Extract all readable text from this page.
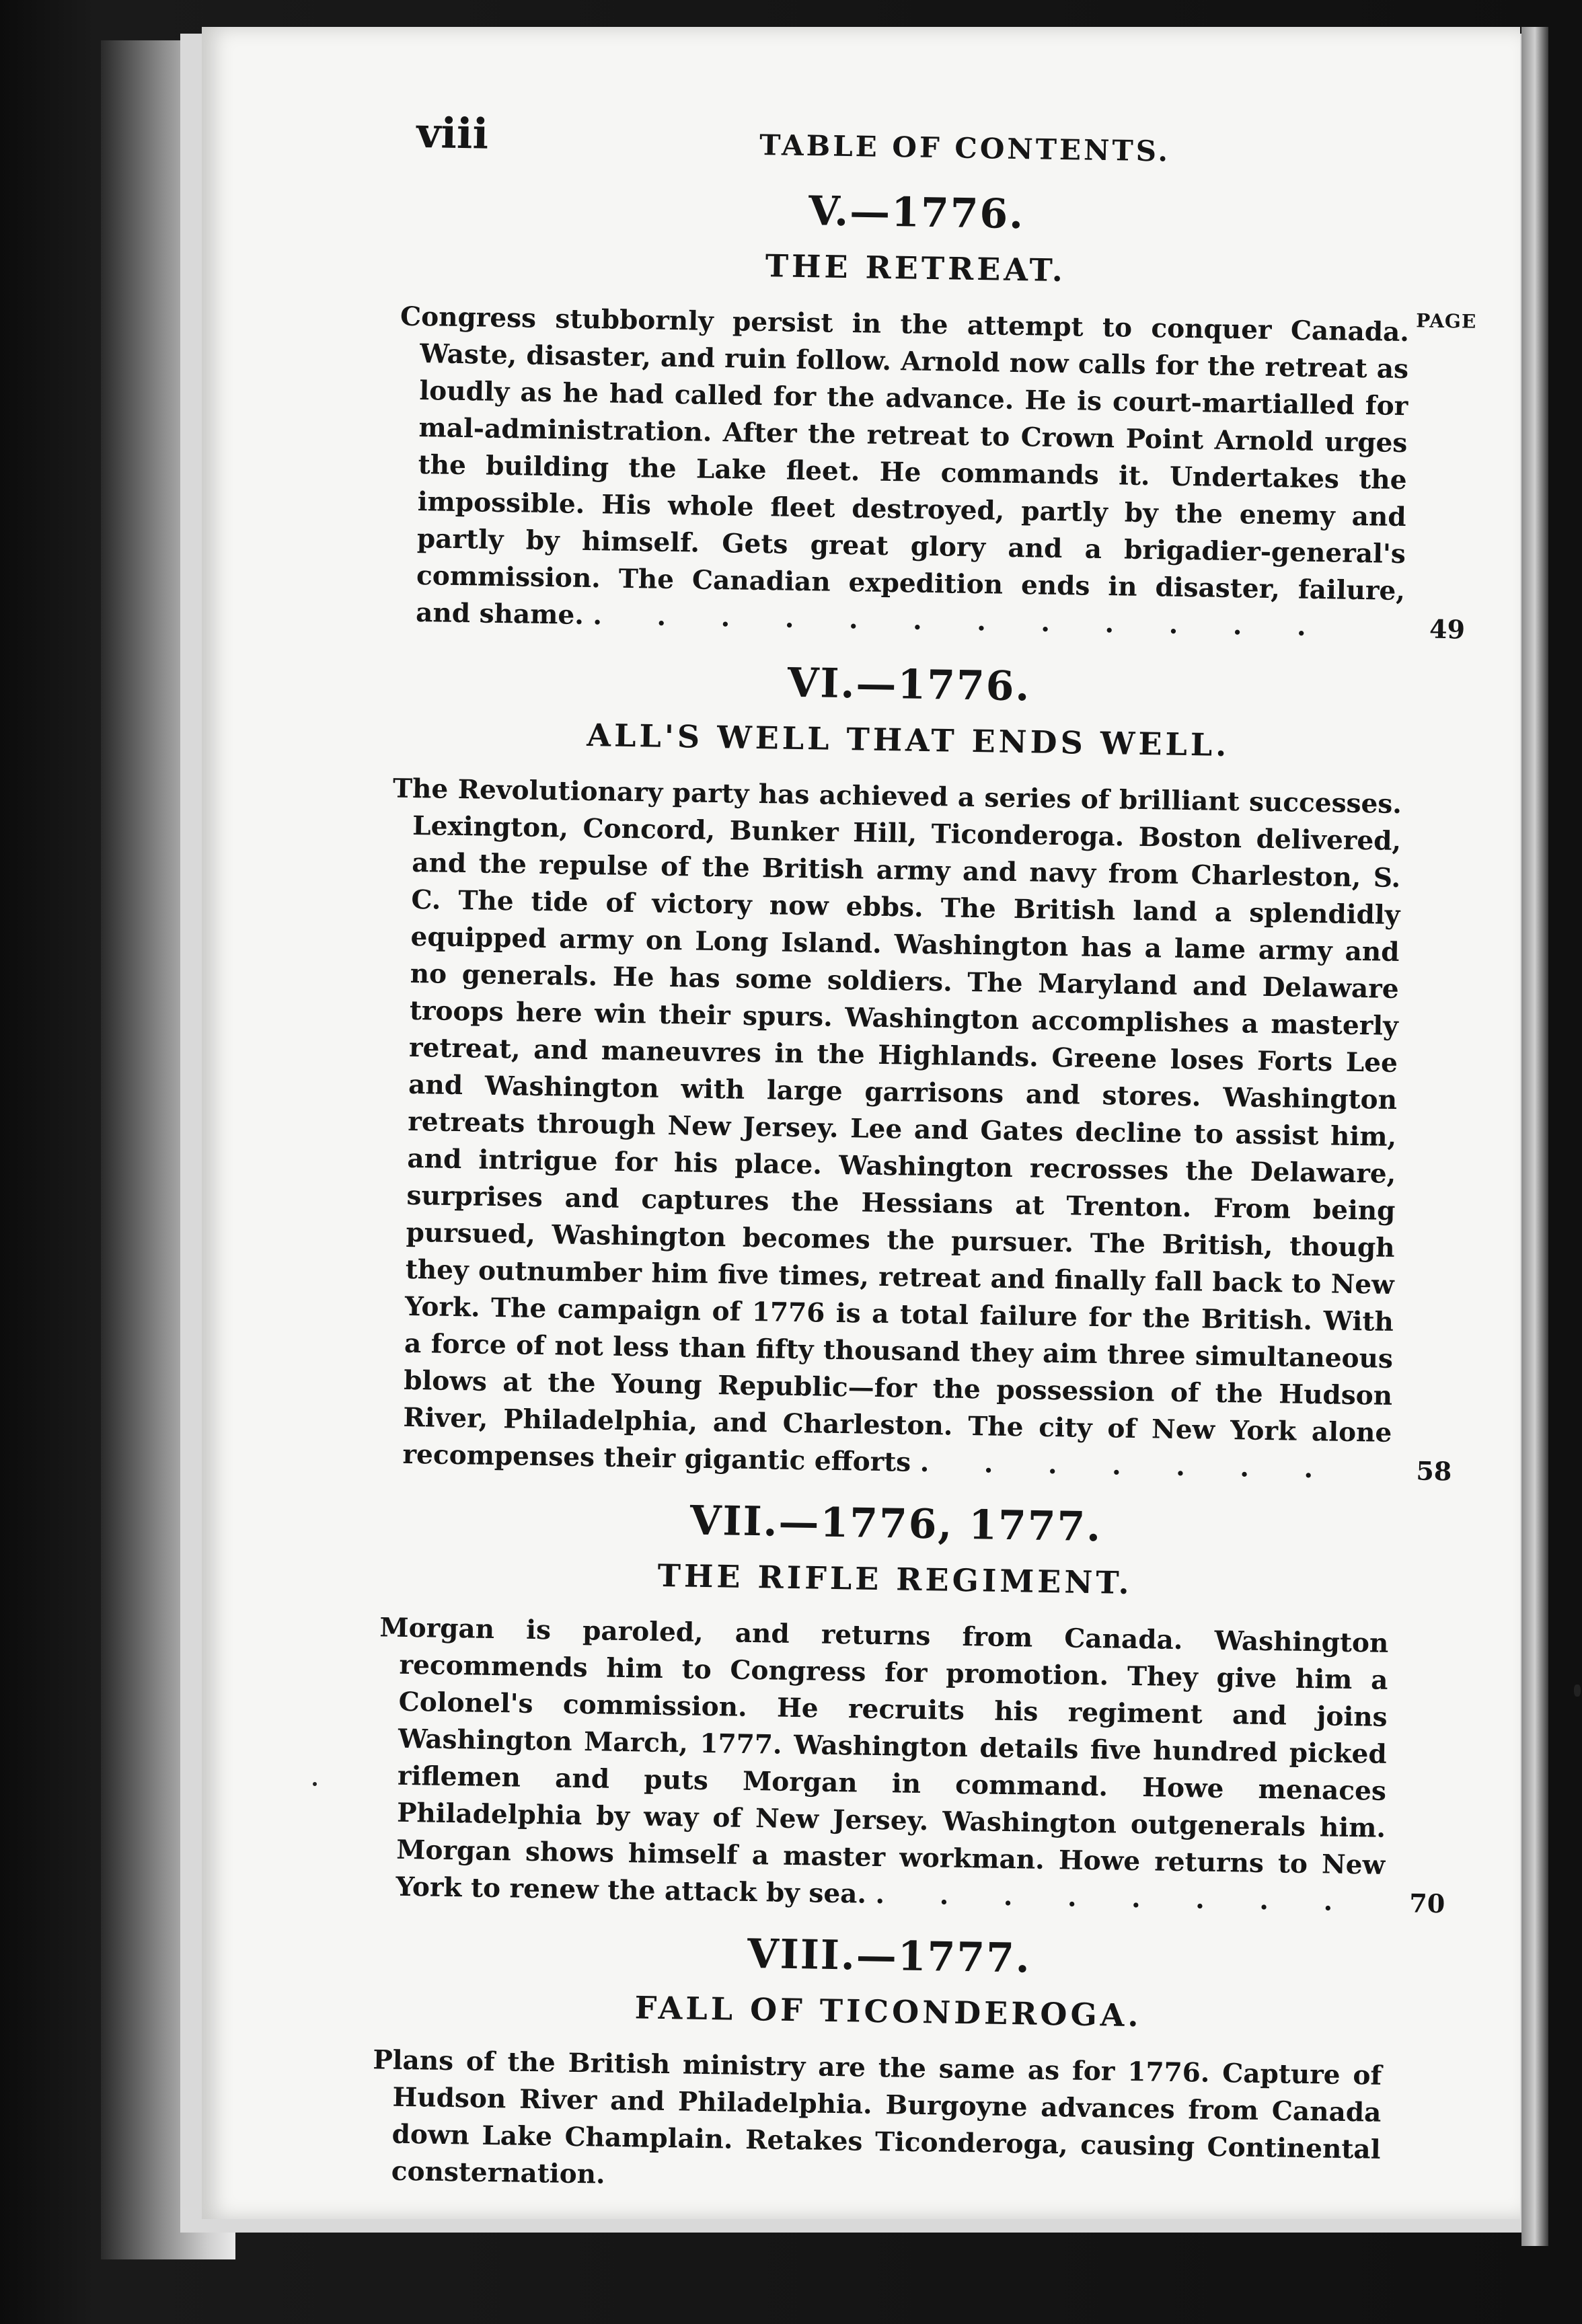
viii	TABLE OF CONTENTS.
V.—1776.
THE RETREAT.
PAGE
Congress stubbornly persist in the attempt to conquer Canada. Waste, disaster, and ruin follow. Arnold now calls for the retreat as loudly as he had called for the advance. He is court-martialled for mal-administration. After the retreat to Crown Point Arnold urges the building the Lake fleet. He commands it. Undertakes the impossible. His whole fleet destroyed, partly by the enemy and partly by himself. Gets great glory and a brigadier-general's commission. The Canadian expedition ends in disaster, failure, and shame. . . . . . . . . . . . .	49
VI.—1776.
ALL'S WELL THAT ENDS WELL.
The Revolutionary party has achieved a series of brilliant successes. Lexington, Concord, Bunker Hill, Ticonderoga. Boston delivered, and the repulse of the British army and navy from Charleston, S. C. The tide of victory now ebbs. The British land a splendidly equipped army on Long Island. Washington has a lame army and no generals. He has some soldiers. The Maryland and Delaware troops here win their spurs. Washington accomplishes a masterly retreat, and maneuvres in the Highlands. Greene loses Forts Lee and Washington with large garrisons and stores. Washington retreats through New Jersey. Lee and Gates decline to assist him, and intrigue for his place. Washington recrosses the Delaware, surprises and captures the Hessians at Trenton. From being pursued, Washington becomes the pursuer. The British, though they outnumber him five times, retreat and finally fall back to New York. The campaign of 1776 is a total failure for the British. With a force of not less than fifty thousand they aim three simultaneous blows at the Young Republic—for the possession of the Hudson River, Philadelphia, and Charleston. The city of New York alone recompenses their gigantic efforts . . . . . . .	58
VII.—1776, 1777.
THE RIFLE REGIMENT.
Morgan is paroled, and returns from Canada. Washington recommends him to Congress for promotion. They give him a Colonel's commission. He recruits his regiment and joins Washington March, 1777. Washington details five hundred picked riflemen and puts Morgan in command. Howe menaces Philadelphia by way of New Jersey. Washington outgenerals him. Morgan shows himself a master workman. Howe returns to New York to renew the attack by sea. . . . . . . . .	70
VIII.—1777.
FALL OF TICONDEROGA.
Plans of the British ministry are the same as for 1776. Capture of Hudson River and Philadelphia. Burgoyne advances from Canada down Lake Champlain. Retakes Ticonderoga, causing Continental consternation.
